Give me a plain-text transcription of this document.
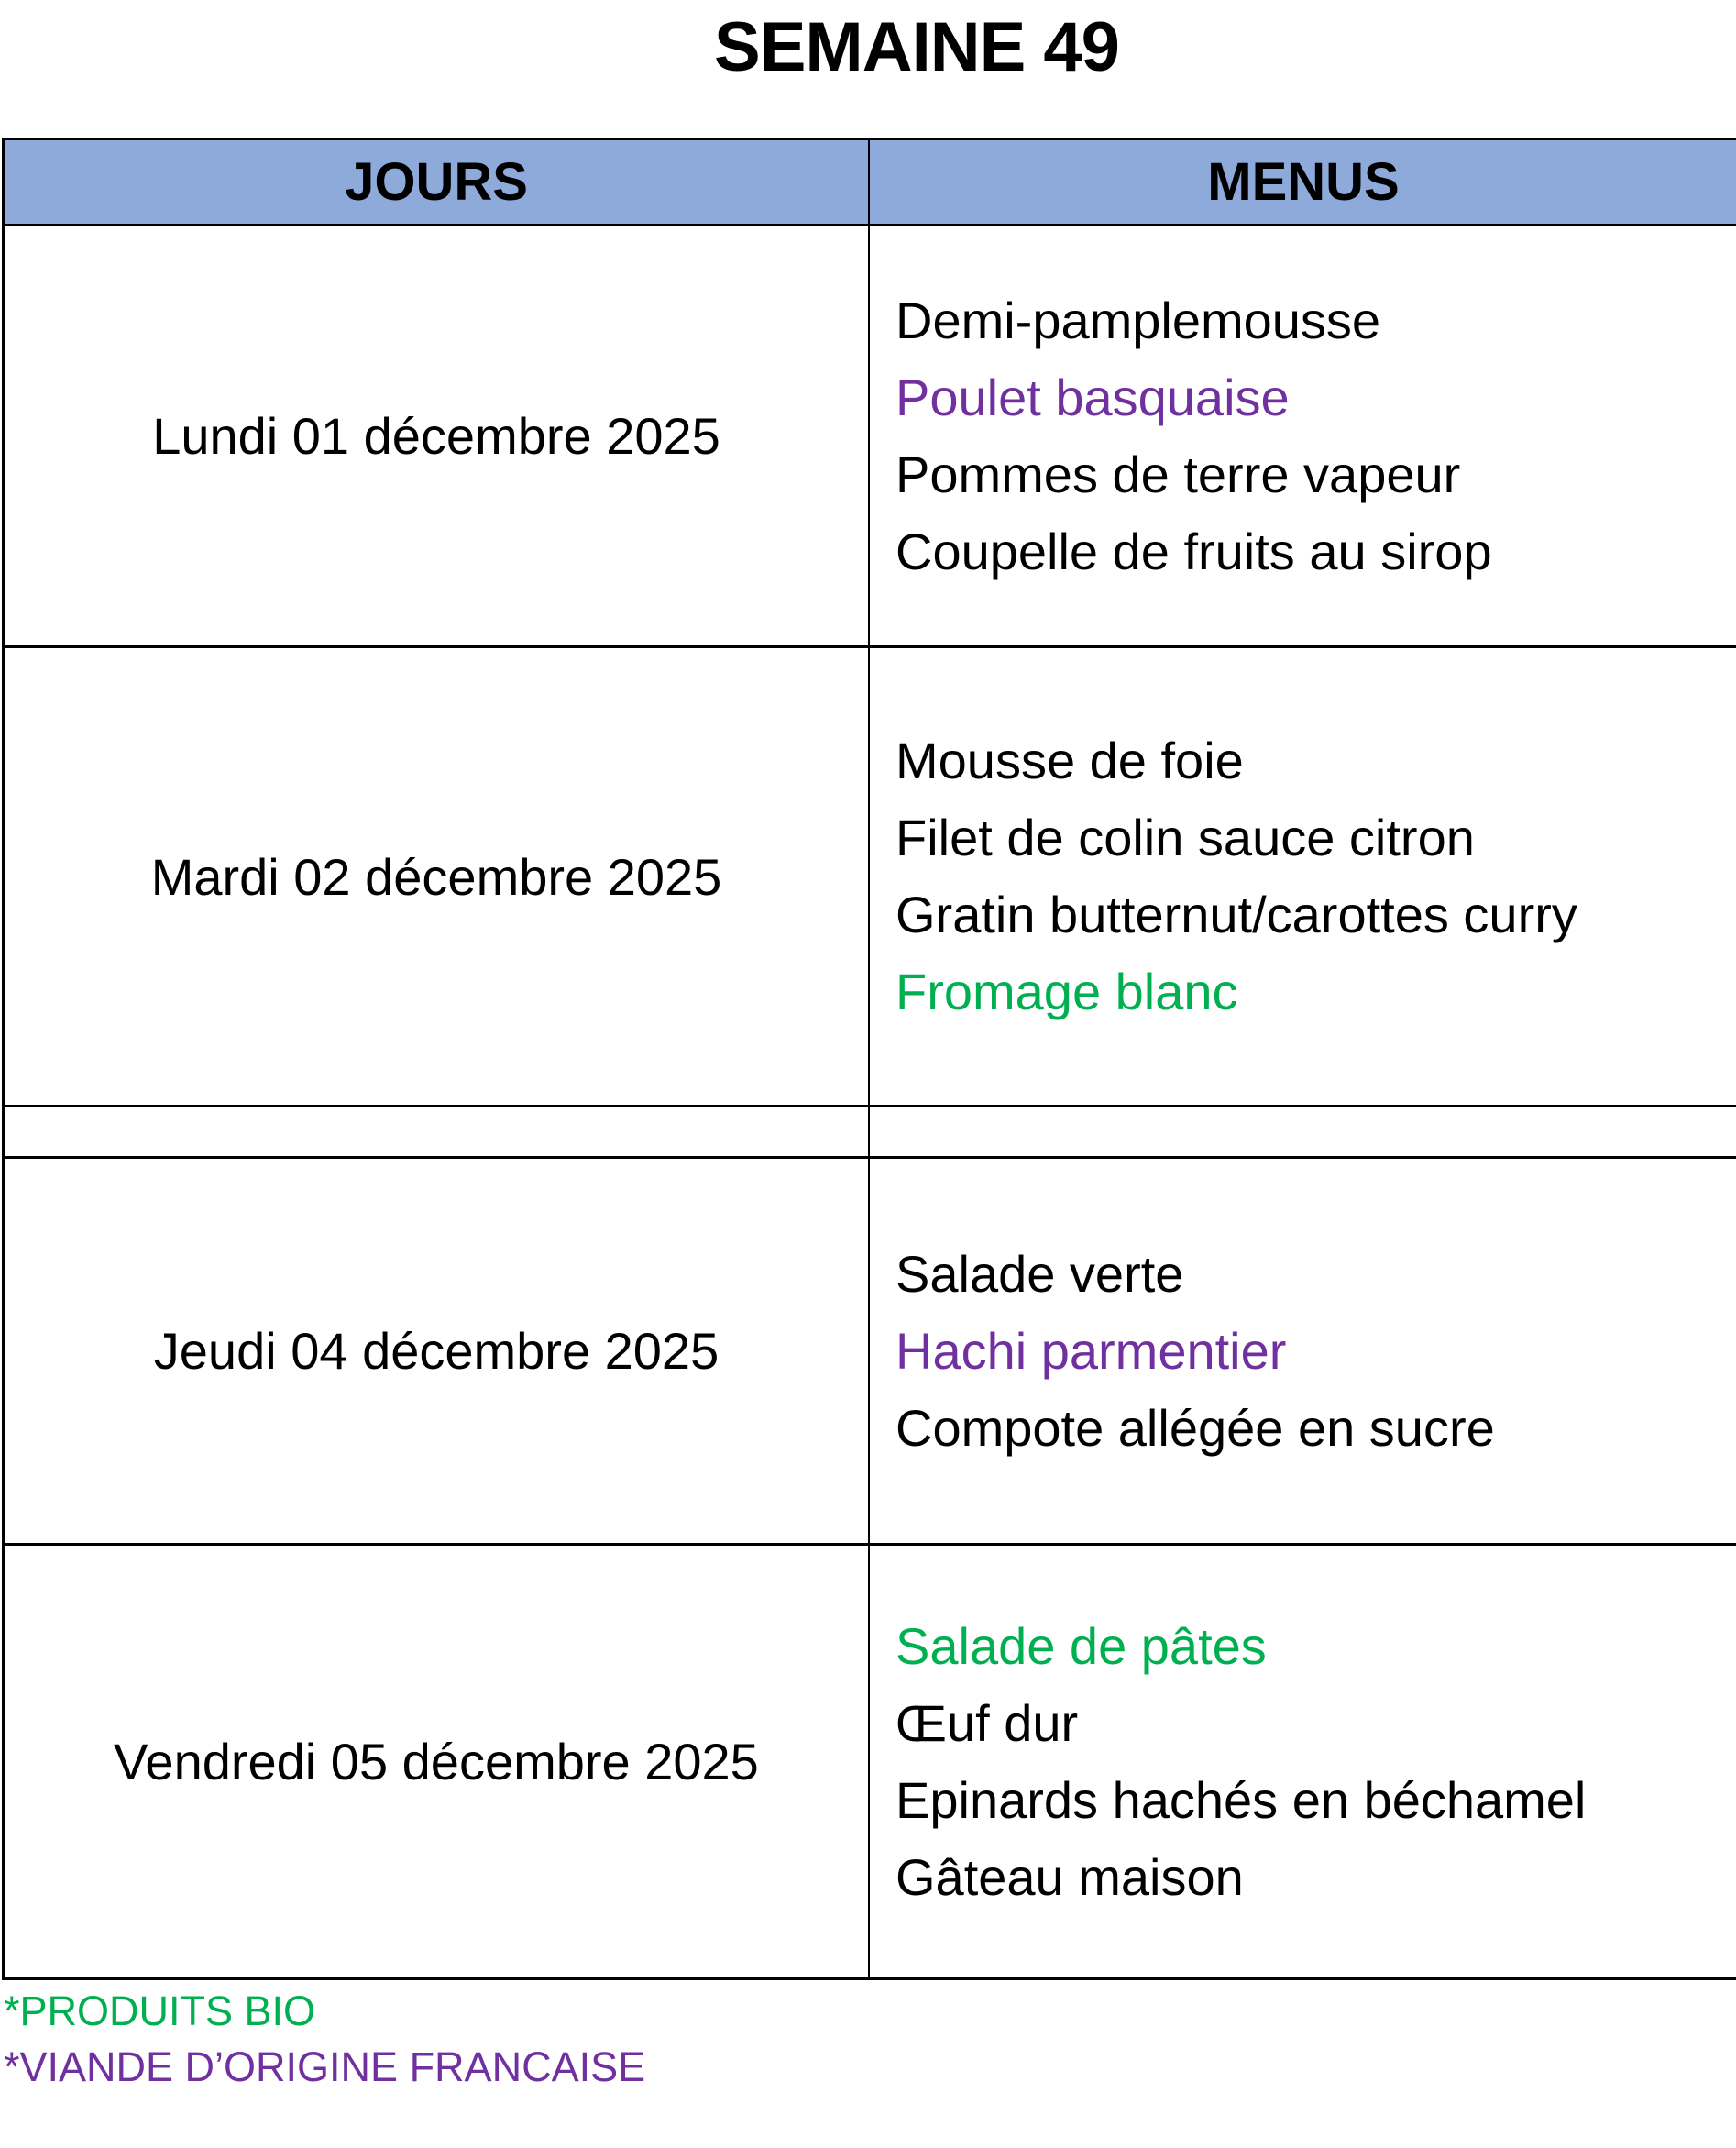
SEMAINE 49
JOURS	MENUS
Lundi 01 décembre 2025
Demi-pamplemousse
Poulet basquaise
Pommes de terre vapeur
Coupelle de fruits au sirop
Mardi 02 décembre 2025
Mousse de foie
Filet de colin sauce citron
Gratin butternut/carottes curry
Fromage blanc
Jeudi 04 décembre 2025
Salade verte
Hachi parmentier
Compote allégée en sucre
Vendredi 05 décembre 2025
Salade de pâtes
Œuf dur
Epinards hachés en béchamel
Gâteau maison
*PRODUITS BIO
*VIANDE D’ORIGINE FRANCAISE
